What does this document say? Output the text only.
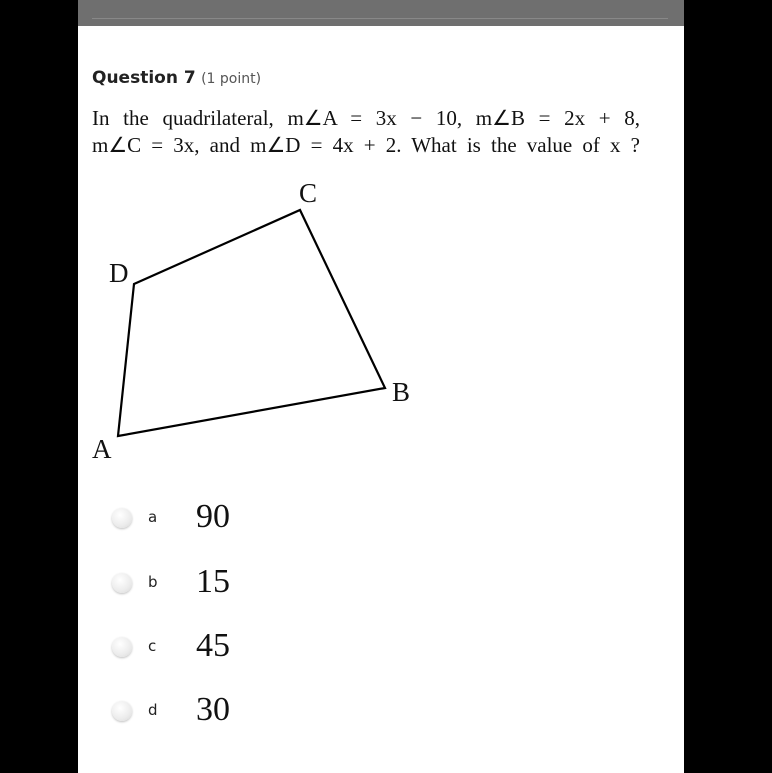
Question 7 (1 point)
In the quadrilateral, m∠A = 3x − 10, m∠B = 2x + 8,
m∠C = 3x, and m∠D = 4x + 2. What is the value of x ?
A
B
C
D
a 90
b 15
c 45
d 30
